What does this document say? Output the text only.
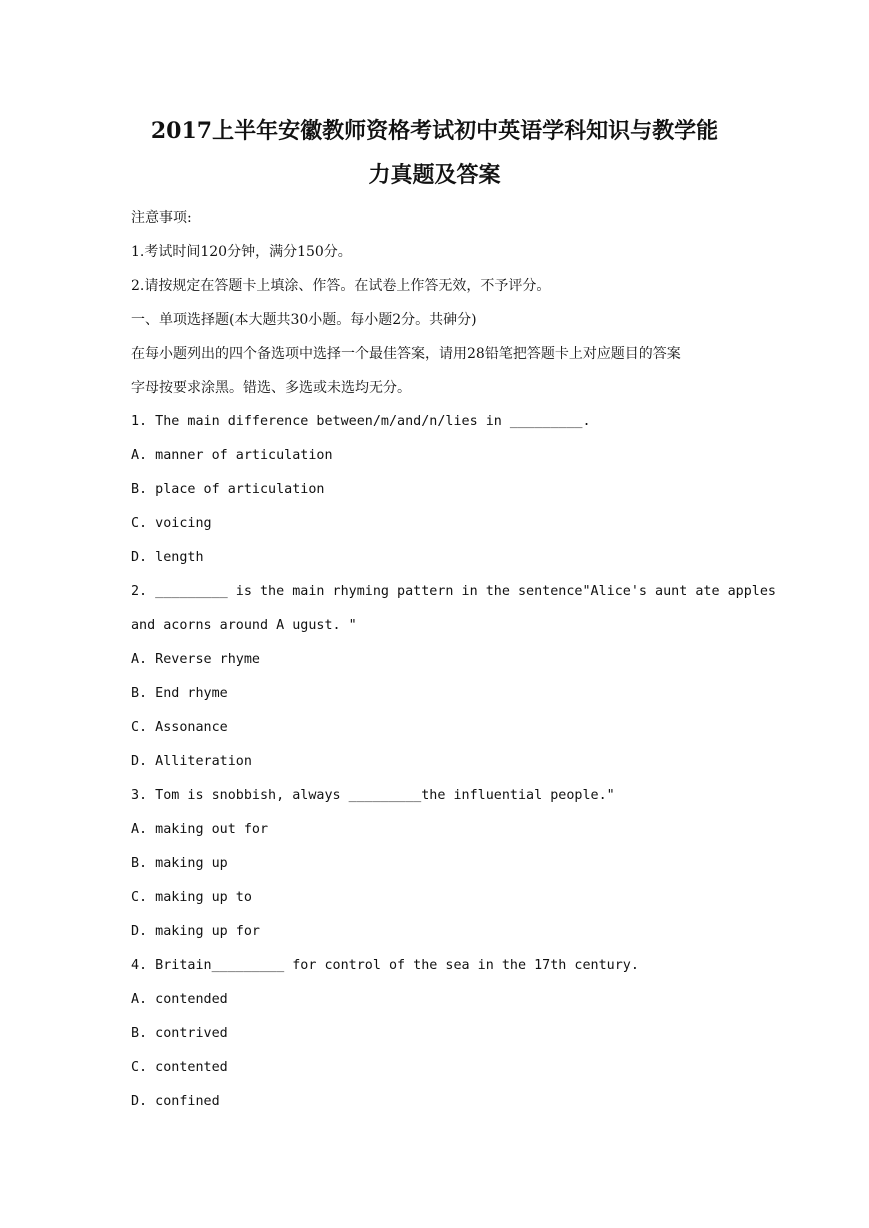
2017上半年安徽教师资格考试初中英语学科知识与教学能
力真题及答案

注意事项:

1.考试时间120分钟，满分150分。

2.请按规定在答题卡上填涂、作答。在试卷上作答无效，不予评分。

一、单项选择题(本大题共30小题。每小题2分。共砷分)

在每小题列出的四个备选项中选择一个最佳答案，请用28铅笔把答题卡上对应题目的答案

字母按要求涂黑。错选、多选或未选均无分。

1. The main difference between/m/and/n/lies in _________.

A. manner of articulation

B. place of articulation

C. voicing

D. length

2. _________ is the main rhyming pattern in the sentence"Alice's aunt ate apples

and acorns around A ugust. "

A. Reverse rhyme

B. End rhyme

C. Assonance

D. Alliteration

3. Tom is snobbish, always _________the influential people."

A. making out for

B. making up

C. making up to

D. making up for

4. Britain_________ for control of the sea in the 17th century.

A. contended

B. contrived

C. contented

D. confined
